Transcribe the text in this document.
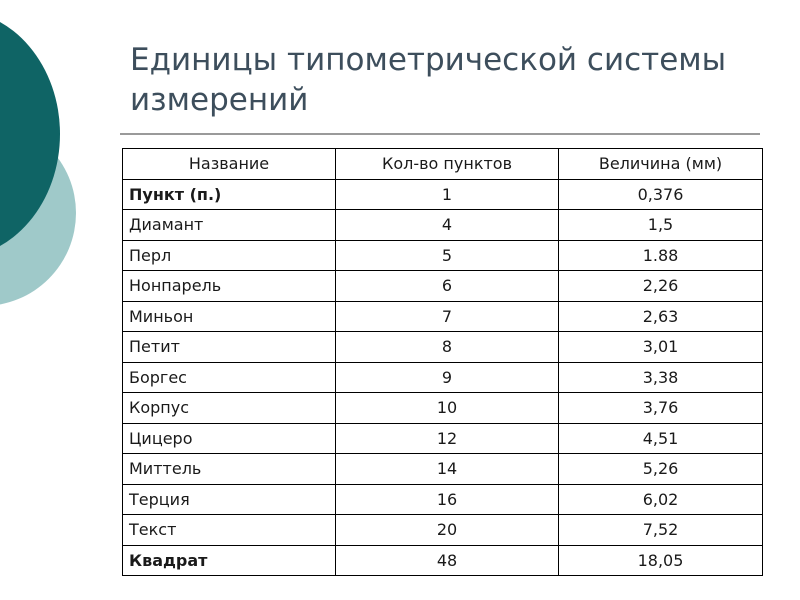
Единицы типометрической системы измерений
Название	Кол-во пунктов	Величина (мм)
Пункт (п.)	1	0,376
Диамант	4	1,5
Перл	5	1.88
Нонпарель	6	2,26
Миньон	7	2,63
Петит	8	3,01
Боргес	9	3,38
Корпус	10	3,76
Цицеро	12	4,51
Миттель	14	5,26
Терция	16	6,02
Текст	20	7,52
Квадрат	48	18,05
